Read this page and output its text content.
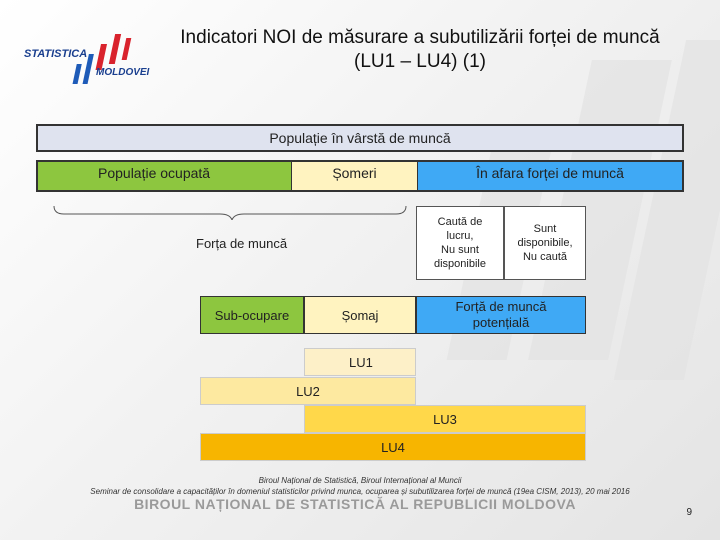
STATISTICA
MOLDOVEI
Indicatori NOI de măsurare a subutilizării forței de muncă
(LU1 – LU4) (1)
Populație în vârstă de muncă
Populație ocupată	Șomeri	În afara forței de muncă
Forța de muncă
Caută de
lucru,
Nu sunt
disponibile
Sunt
disponibile,
Nu caută
Sub-ocupare	Șomaj
Forță de muncă
potențială
LU1
LU2
LU3
LU4
Biroul Național de Statistică, Biroul Internațional al Muncii
Seminar de consolidare a capacităților în domeniul statisticilor privind munca, ocuparea și subutilizarea forței de muncă (19ea CISM, 2013), 20 mai 2016
BIROUL NAȚIONAL DE STATISTICĂ AL REPUBLICII MOLDOVA
9
